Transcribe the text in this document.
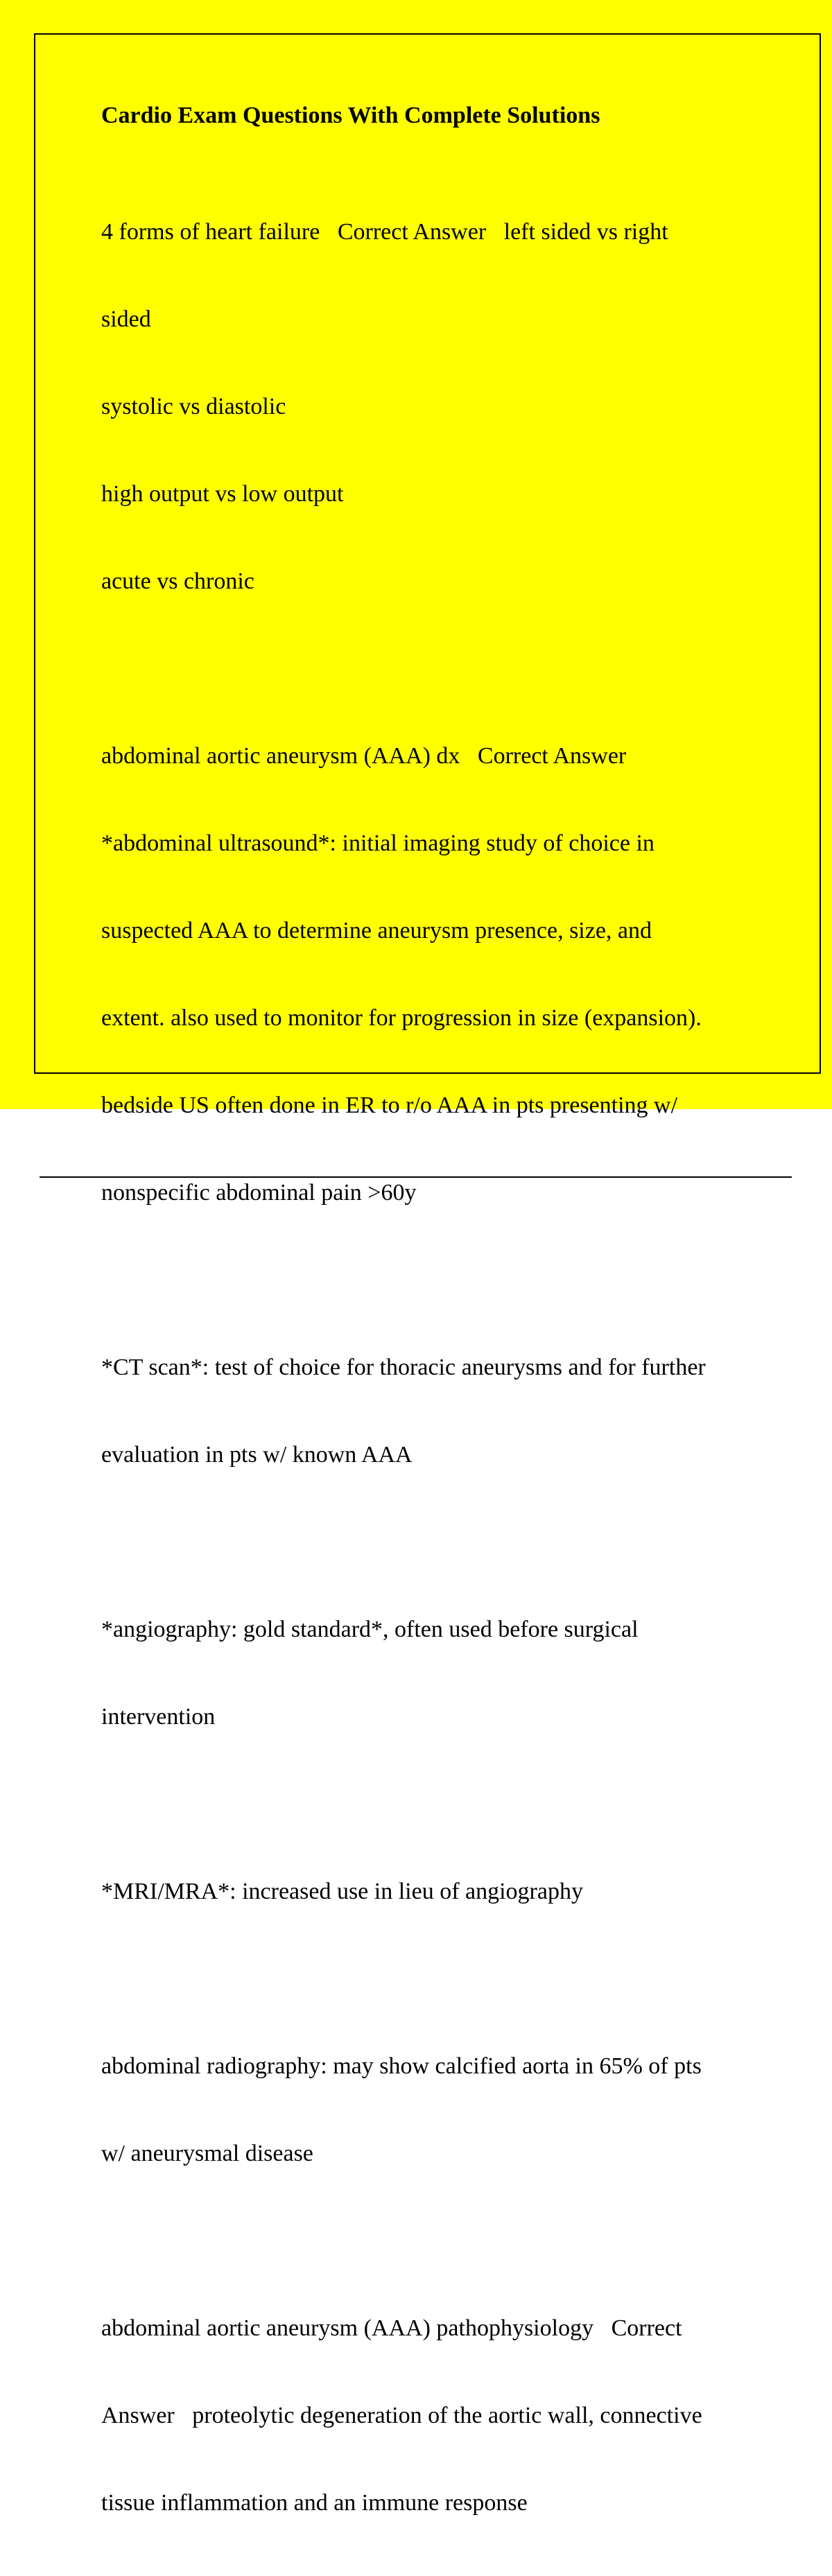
Cardio Exam Questions With Complete Solutions

4 forms of heart failure   Correct Answer   left sided vs right

sided

systolic vs diastolic

high output vs low output

acute vs chronic

abdominal aortic aneurysm (AAA) dx   Correct Answer

*abdominal ultrasound*: initial imaging study of choice in

suspected AAA to determine aneurysm presence, size, and

extent. also used to monitor for progression in size (expansion).

bedside US often done in ER to r/o AAA in pts presenting w/

nonspecific abdominal pain >60y

*CT scan*: test of choice for thoracic aneurysms and for further

evaluation in pts w/ known AAA

*angiography: gold standard*, often used before surgical

intervention

*MRI/MRA*: increased use in lieu of angiography

abdominal radiography: may show calcified aorta in 65% of pts

w/ aneurysmal disease

abdominal aortic aneurysm (AAA) pathophysiology   Correct

Answer   proteolytic degeneration of the aortic wall, connective

tissue inflammation and an immune response
